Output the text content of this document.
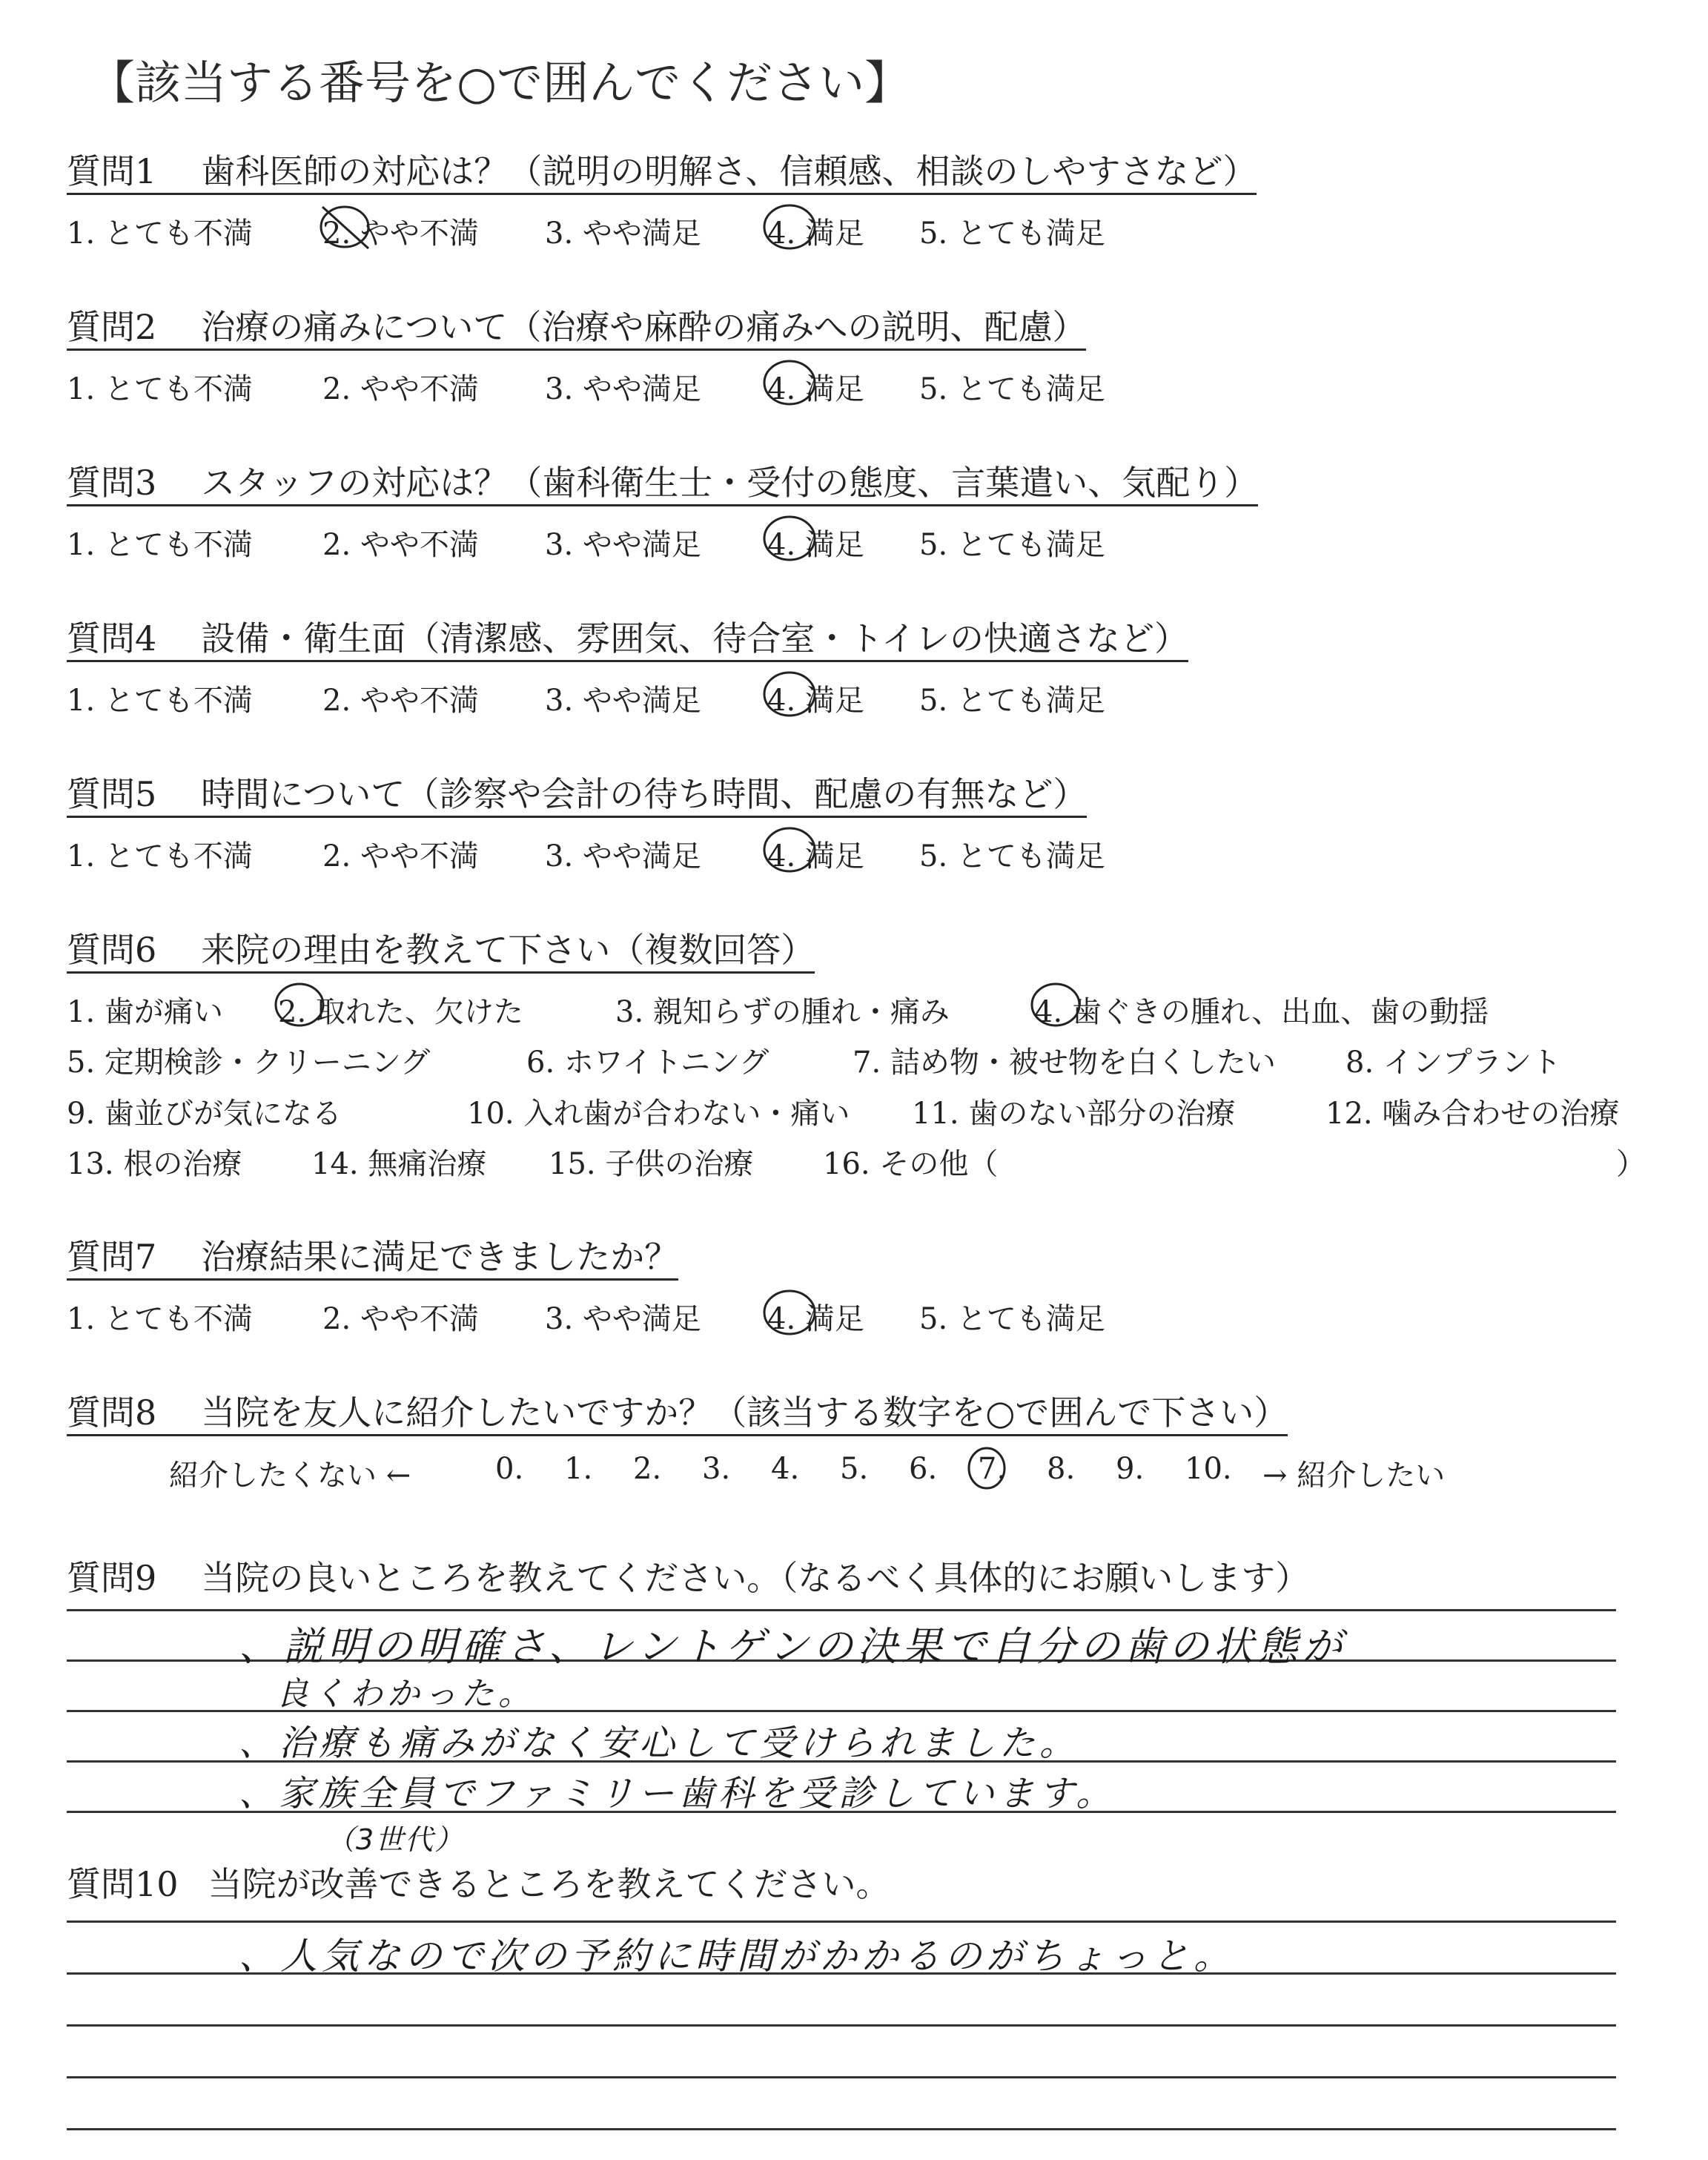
【該当する番号を○で囲んでください】
質問1 歯科医師の対応は？（説明の明解さ、信頼感、相談のしやすさなど）
1. とても不満 2. やや不満 3. やや満足 4. 満足 5. とても満足
質問2 治療の痛みについて（治療や麻酔の痛みへの説明、配慮）
1. とても不満 2. やや不満 3. やや満足 4. 満足 5. とても満足
質問3 スタッフの対応は？（歯科衛生士・受付の態度、言葉遣い、気配り）
1. とても不満 2. やや不満 3. やや満足 4. 満足 5. とても満足
質問4 設備・衛生面（清潔感、雰囲気、待合室・トイレの快適さなど）
1. とても不満 2. やや不満 3. やや満足 4. 満足 5. とても満足
質問5 時間について（診察や会計の待ち時間、配慮の有無など）
1. とても不満 2. やや不満 3. やや満足 4. 満足 5. とても満足
質問6 来院の理由を教えて下さい（複数回答）
1. 歯が痛い 2. 取れた、欠けた	3. 親知らずの腫れ・痛み	4. 歯ぐきの腫れ、出血、歯の動揺
5. 定期検診・クリーニング	6. ホワイトニング	7. 詰め物・被せ物を白くしたい 8. インプラント
9. 歯並びが気になる	10. 入れ歯が合わない・痛い 11. 歯のない部分の治療	12. 噛み合わせの治療
13. 根の治療 14. 無痛治療 15. 子供の治療 16. その他（	）
質問7 治療結果に満足できましたか？
1. とても不満 2. やや不満 3. やや満足 4. 満足 5. とても満足
質問8 当院を友人に紹介したいですか？（該当する数字を○で囲んで下さい）
紹介したくない ←	0. 1. 2. 3. 4. 5. 6. 7. 8. 9. 10. → 紹介したい
質問9 当院の良いところを教えてください。（なるべく具体的にお願いします）
、説明の明確さ、レントゲンの決果で自分の歯の状態が
良くわかった。
、治療も痛みがなく安心して受けられました。
、家族全員でファミリー歯科を受診しています。
（3世代）
質問10 当院が改善できるところを教えてください。
、人気なので次の予約に時間がかかるのがちょっと。
